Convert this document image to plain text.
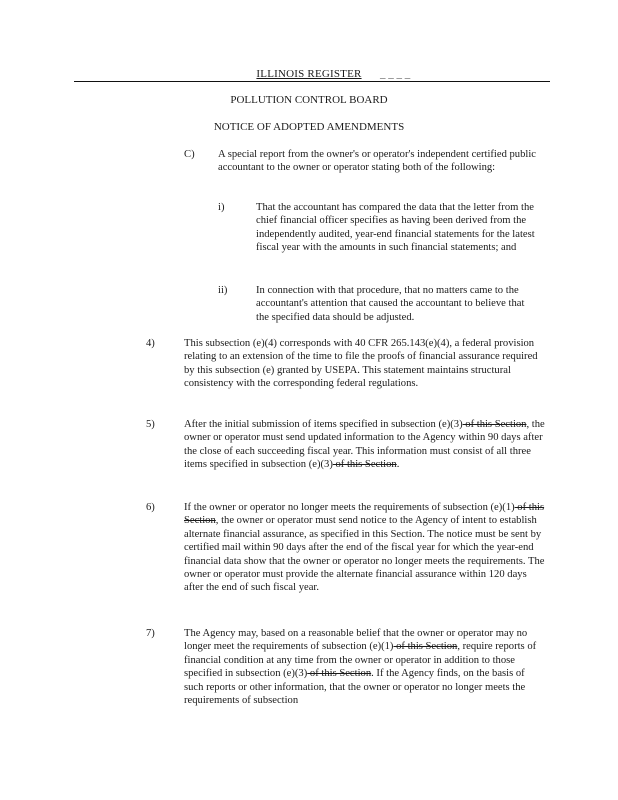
ILLINOIS REGISTER	_ _ _ _
POLLUTION CONTROL BOARD
NOTICE OF ADOPTED AMENDMENTS
C) A special report from the owner's or operator's independent certified public accountant to the owner or operator stating both of the following:
i)	That the accountant has compared the data that the letter from the chief financial officer specifies as having been derived from the independently audited, year-end financial statements for the latest fiscal year with the amounts in such financial statements; and
ii)	In connection with that procedure, that no matters came to the accountant's attention that caused the accountant to believe that the specified data should be adjusted.
4)	This subsection (e)(4) corresponds with 40 CFR 265.143(e)(4), a federal provision relating to an extension of the time to file the proofs of financial assurance required by this subsection (e) granted by USEPA. This statement maintains structural consistency with the corresponding federal regulations.
5)	After the initial submission of items specified in subsection (e)(3) of this Section, the owner or operator must send updated information to the Agency within 90 days after the close of each succeeding fiscal year. This information must consist of all three items specified in subsection (e)(3) of this Section.
6)	If the owner or operator no longer meets the requirements of subsection (e)(1) of this Section, the owner or operator must send notice to the Agency of intent to establish alternate financial assurance, as specified in this Section. The notice must be sent by certified mail within 90 days after the end of the fiscal year for which the year-end financial data show that the owner or operator no longer meets the requirements. The owner or operator must provide the alternate financial assurance within 120 days after the end of such fiscal year.
7)	The Agency may, based on a reasonable belief that the owner or operator may no longer meet the requirements of subsection (e)(1) of this Section, require reports of financial condition at any time from the owner or operator in addition to those specified in subsection (e)(3) of this Section. If the Agency finds, on the basis of such reports or other information, that the owner or operator no longer meets the requirements of subsection
